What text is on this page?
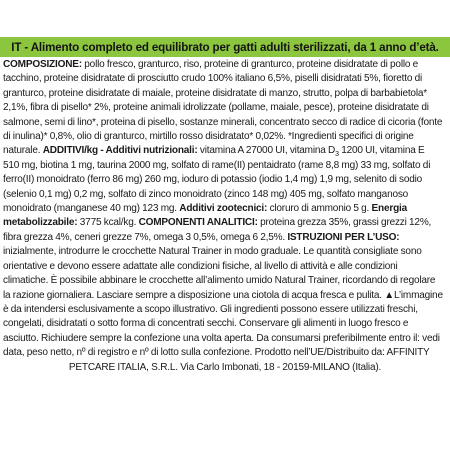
IT - Alimento completo ed equilibrato per gatti adulti sterilizzati, da 1 anno d’età.
COMPOSIZIONE: pollo fresco, granturco, riso, proteine di granturco, proteine disidratate di pollo e
tacchino, proteine disidratate di prosciutto crudo 100% italiano 6,5%, piselli disidratati 5%, fioretto di
granturco, proteine disidratate di maiale, proteine disidratate di manzo, strutto, polpa di barbabietola*
2,1%, fibra di pisello* 2%, proteine animali idrolizzate (pollame, maiale, pesce), proteine disidratate di
salmone, semi di lino*, proteina di pisello, sostanze minerali, concentrato secco di radice di cicoria (fonte
di inulina)* 0,8%, olio di granturco, mirtillo rosso disidratato* 0,02%. *Ingredienti specifici di origine
naturale. ADDITIVI/kg - Additivi nutrizionali: vitamina A 27000 UI, vitamina $D_3$ 1200 UI, vitamina E
510 mg, biotina 1 mg, taurina 2000 mg, solfato di rame(II) pentaidrato (rame 8,8 mg) 33 mg, solfato di
ferro(II) monoidrato (ferro 86 mg) 260 mg, ioduro di potassio (iodio 1,4 mg) 1,9 mg, selenito di sodio
(selenio 0,1 mg) 0,2 mg, solfato di zinco monoidrato (zinco 148 mg) 405 mg, solfato manganoso
monoidrato (manganese 40 mg) 123 mg. Additivi zootecnici: cloruro di ammonio 5 g. Energia
metabolizzabile: 3775 kcal/kg. COMPONENTI ANALITICI: proteina grezza 35%, grassi grezzi 12%,
fibra grezza 4%, ceneri grezze 7%, omega 3 0,5%, omega 6 2,5%. ISTRUZIONI PER L’USO:
inizialmente, introdurre le crocchette Natural Trainer in modo graduale. Le quantità consigliate sono
orientative e devono essere adattate alle condizioni fisiche, al livello di attività e alle condizioni
climatiche. È possibile abbinare le crocchette all’alimento umido Natural Trainer, ricordando di regolare
la razione giornaliera. Lasciare sempre a disposizione una ciotola di acqua fresca e pulita. ▲L’immagine
è da intendersi esclusivamente a scopo illustrativo. Gli ingredienti possono essere utilizzati freschi,
congelati, disidratati o sotto forma di concentrati secchi. Conservare gli alimenti in luogo fresco e
asciutto. Richiudere sempre la confezione una volta aperta. Da consumarsi preferibilmente entro il: vedi
data, peso netto, nº di registro e nº di lotto sulla confezione. Prodotto nell’UE/Distribuito da: AFFINITY
PETCARE ITALIA, S.R.L. Via Carlo Imbonati, 18 - 20159-MILANO (Italia).
